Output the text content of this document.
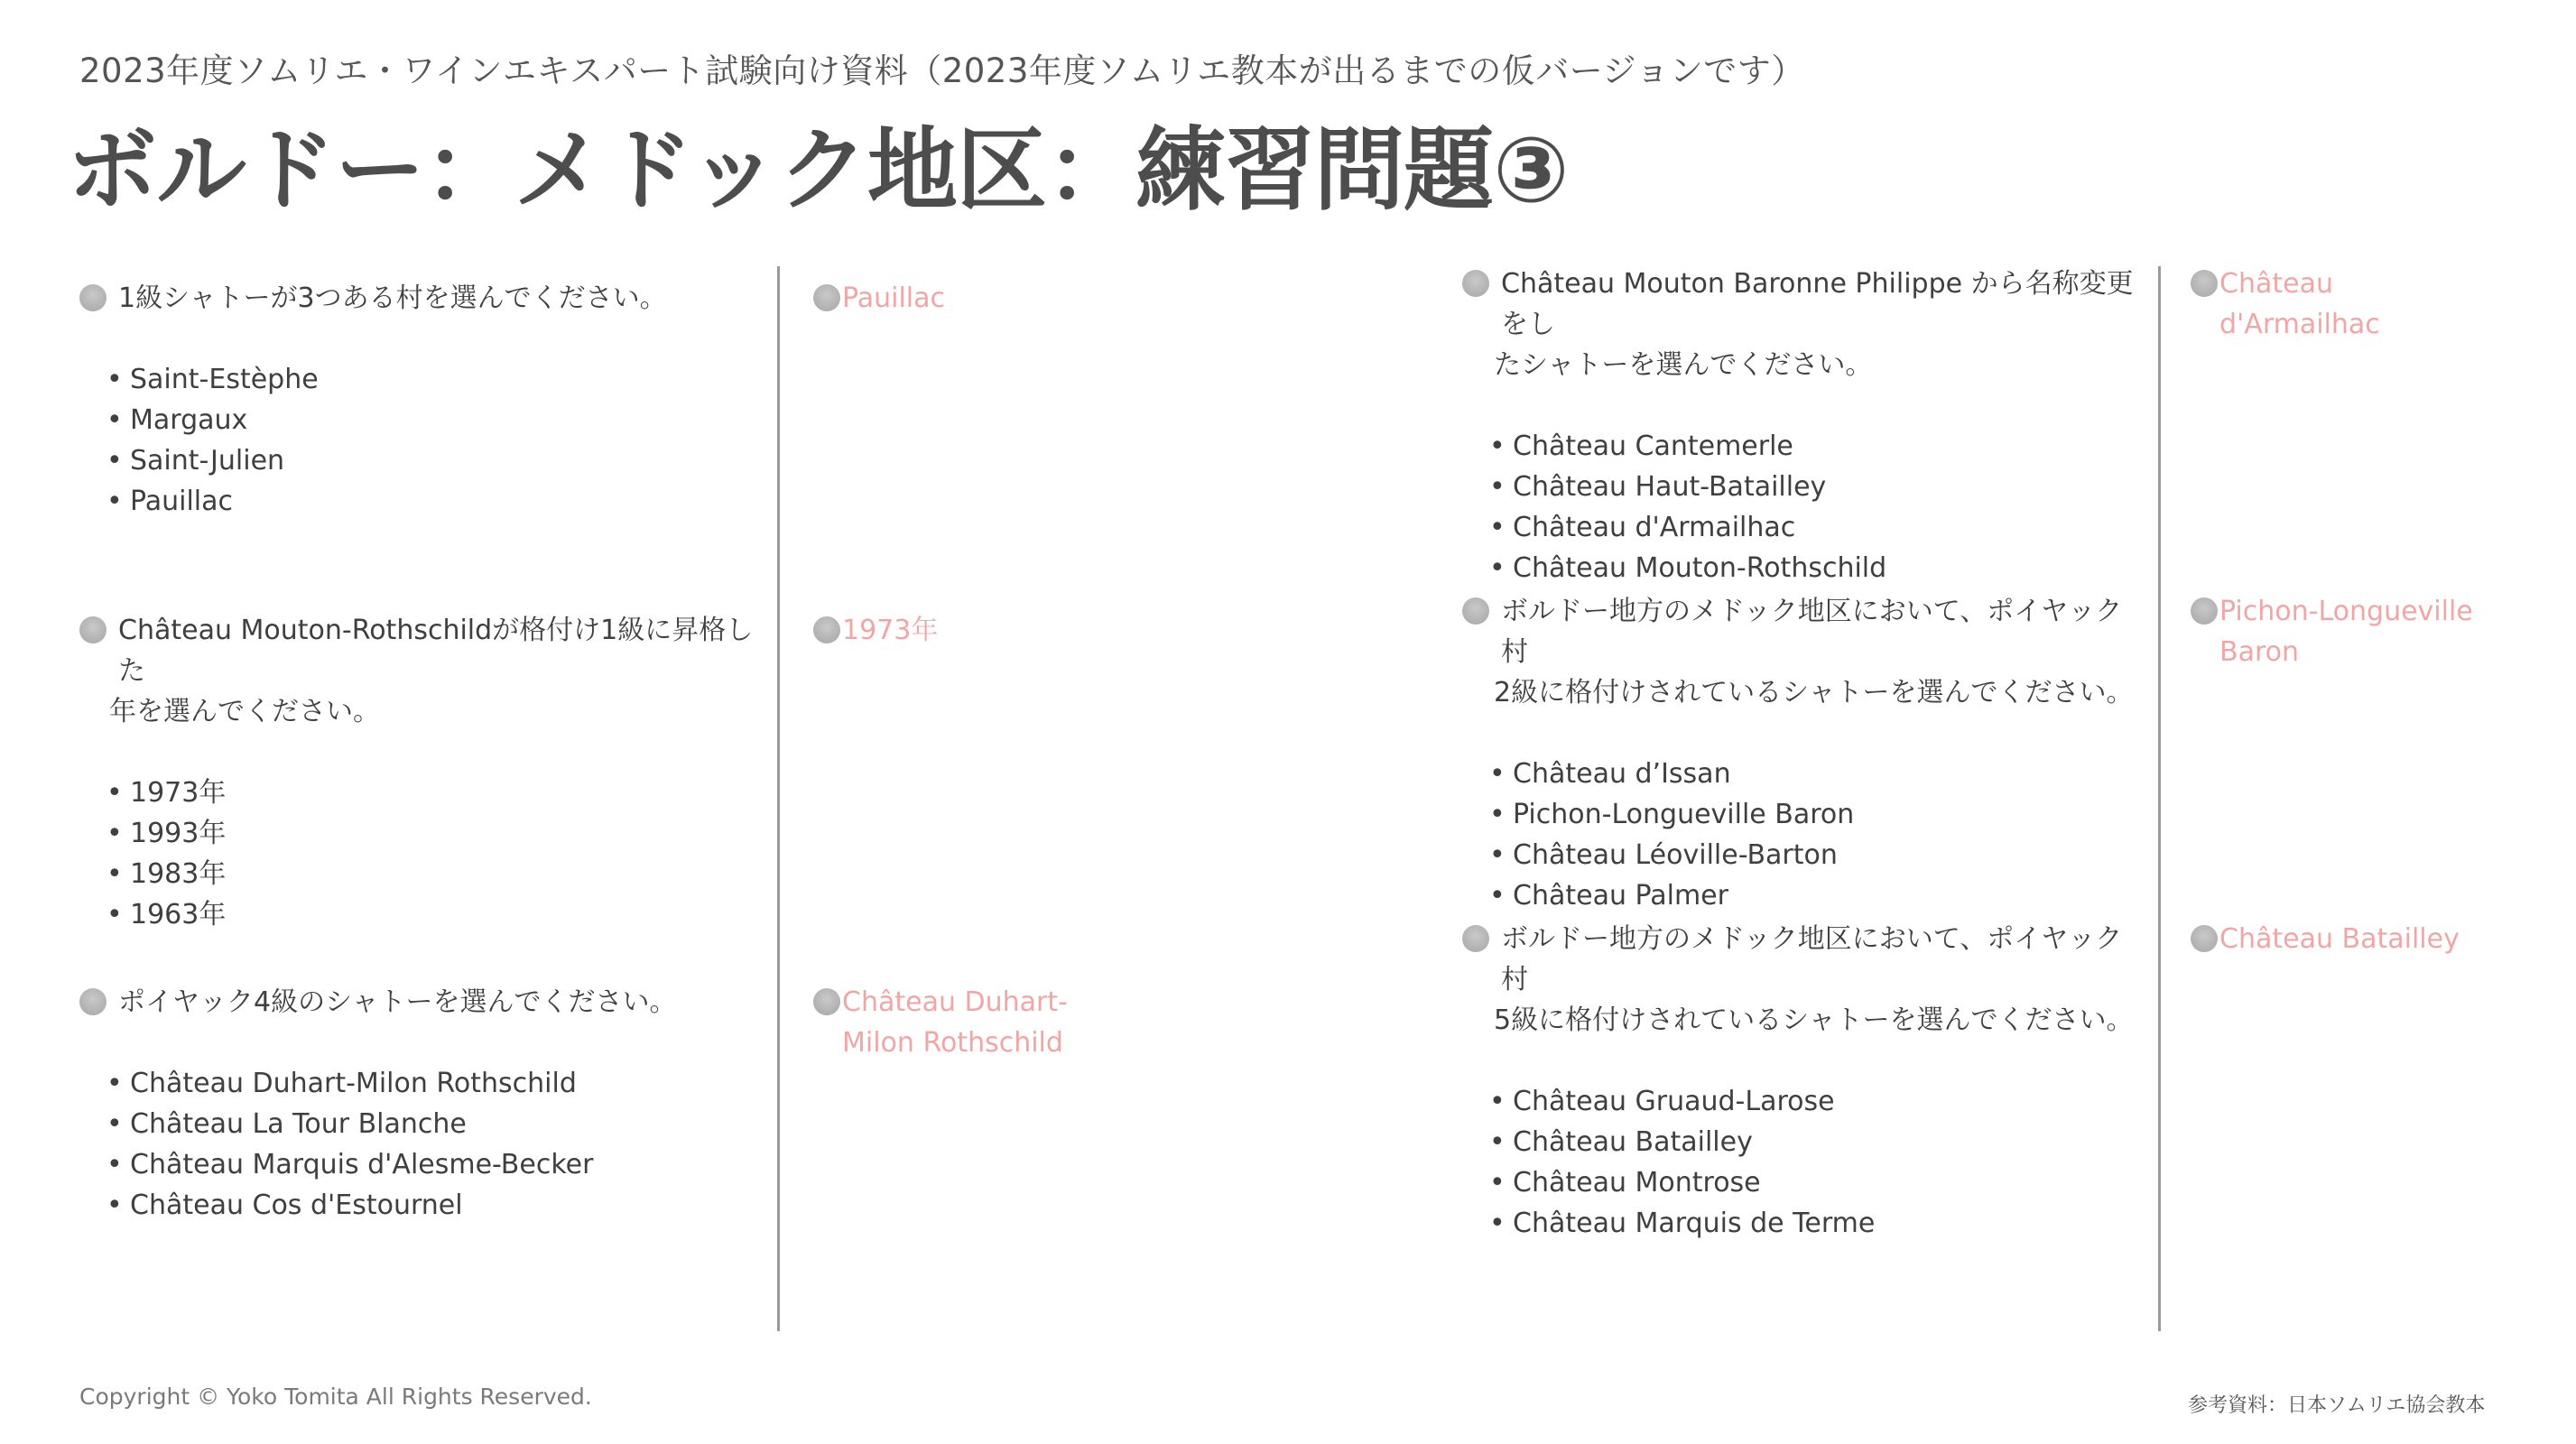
2023年度ソムリエ・ワインエキスパート試験向け資料（2023年度ソムリエ教本が出るまでの仮バージョンです）
ボルドー：メドック地区：練習問題③
1級シャトーが3つある村を選んでください。
• Saint-Estèphe
• Margaux
• Saint-Julien
• Pauillac
Pauillac
Château Mouton-Rothschildが格付け1級に昇格した
年を選んでください。
• 1973年
• 1993年
• 1983年
• 1963年
1973年
ポイヤック4級のシャトーを選んでください。
• Château Duhart-Milon Rothschild
• Château La Tour Blanche
• Château Marquis d'Alesme-Becker
• Château Cos d'Estournel
Château Duhart-
Milon Rothschild
Château Mouton Baronne Philippe から名称変更をし
たシャトーを選んでください。
• Château Cantemerle
• Château Haut-Batailley
• Château d'Armailhac
• Château Mouton-Rothschild
Château
d'Armailhac
ボルドー地方のメドック地区において、ポイヤック村
2級に格付けされているシャトーを選んでください。
• Château d’Issan
• Pichon-Longueville Baron
• Château Léoville-Barton
• Château Palmer
Pichon-Longueville
Baron
ボルドー地方のメドック地区において、ポイヤック村
5級に格付けされているシャトーを選んでください。
• Château Gruaud-Larose
• Château Batailley
• Château Montrose
• Château Marquis de Terme
Château Batailley
Copyright © Yoko Tomita All Rights Reserved.	参考資料：日本ソムリエ協会教本
